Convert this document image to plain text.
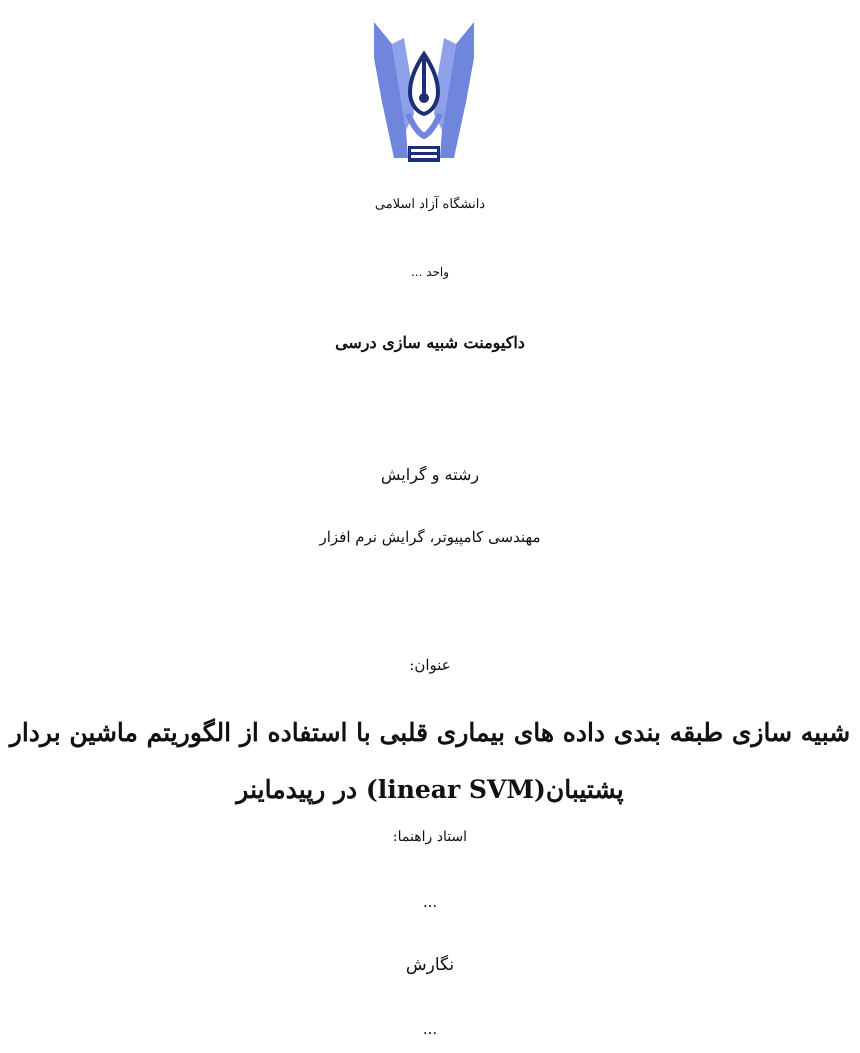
دانشگاه آزاد اسلامی
واحد ...
داکیومنت شبیه سازی درسی
رشته و گرایش
مهندسی کامپیوتر، گرایش نرم افزار
عنوان:
شبیه سازی طبقه بندی داده های بیماری قلبی با استفاده از الگوریتم ماشین بردار
پشتیبان(linear SVM) در رپیدماینر
استاد راهنما:
...
نگارش
...
